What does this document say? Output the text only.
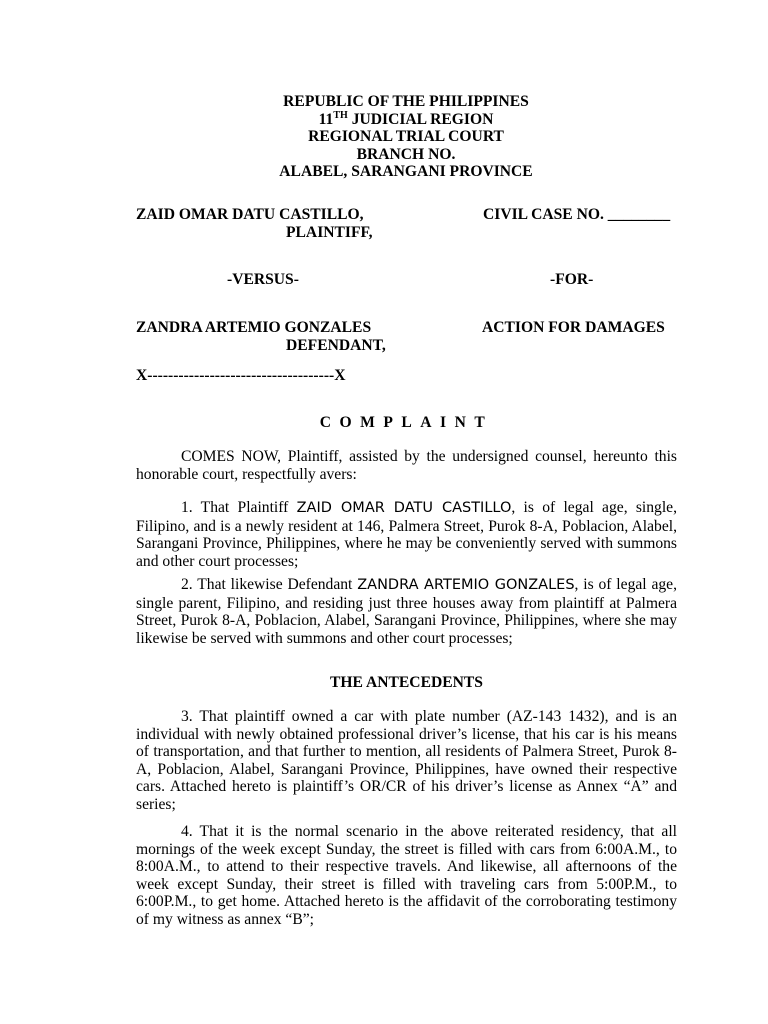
REPUBLIC OF THE PHILIPPINES
11TH JUDICIAL REGION
REGIONAL TRIAL COURT
BRANCH NO.
ALABEL, SARANGANI PROVINCE
ZAID OMAR DATU CASTILLO,
PLAINTIFF,
CIVIL CASE NO. ________
-VERSUS-	-FOR-
ZANDRA ARTEMIO GONZALES
DEFENDANT,
ACTION FOR DAMAGES
X------------------------------------X
COMPLAINT

COMES NOW, Plaintiff, assisted by the undersigned counsel, hereunto this honorable court, respectfully avers:

1. That Plaintiff ZAID OMAR DATU CASTILLO, is of legal age, single, Filipino, and is a newly resident at 146, Palmera Street, Purok 8-A, Poblacion, Alabel, Sarangani Province, Philippines, where he may be conveniently served with summons and other court processes;

2. That likewise Defendant ZANDRA ARTEMIO GONZALES, is of legal age, single parent, Filipino, and residing just three houses away from plaintiff at Palmera Street, Purok 8-A, Poblacion, Alabel, Sarangani Province, Philippines, where she may likewise be served with summons and other court processes;

THE ANTECEDENTS

3. That plaintiff owned a car with plate number (AZ-143 1432), and is an individual with newly obtained professional driver’s license, that his car is his means of transportation, and that further to mention, all residents of Palmera Street, Purok 8-A, Poblacion, Alabel, Sarangani Province, Philippines, have owned their respective cars. Attached hereto is plaintiff’s OR/CR of his driver’s license as Annex “A” and series;

4. That it is the normal scenario in the above reiterated residency, that all mornings of the week except Sunday, the street is filled with cars from 6:00A.M., to 8:00A.M., to attend to their respective travels. And likewise, all afternoons of the week except Sunday, their street is filled with traveling cars from 5:00P.M., to 6:00P.M., to get home. Attached hereto is the affidavit of the corroborating testimony of my witness as annex “B”;
